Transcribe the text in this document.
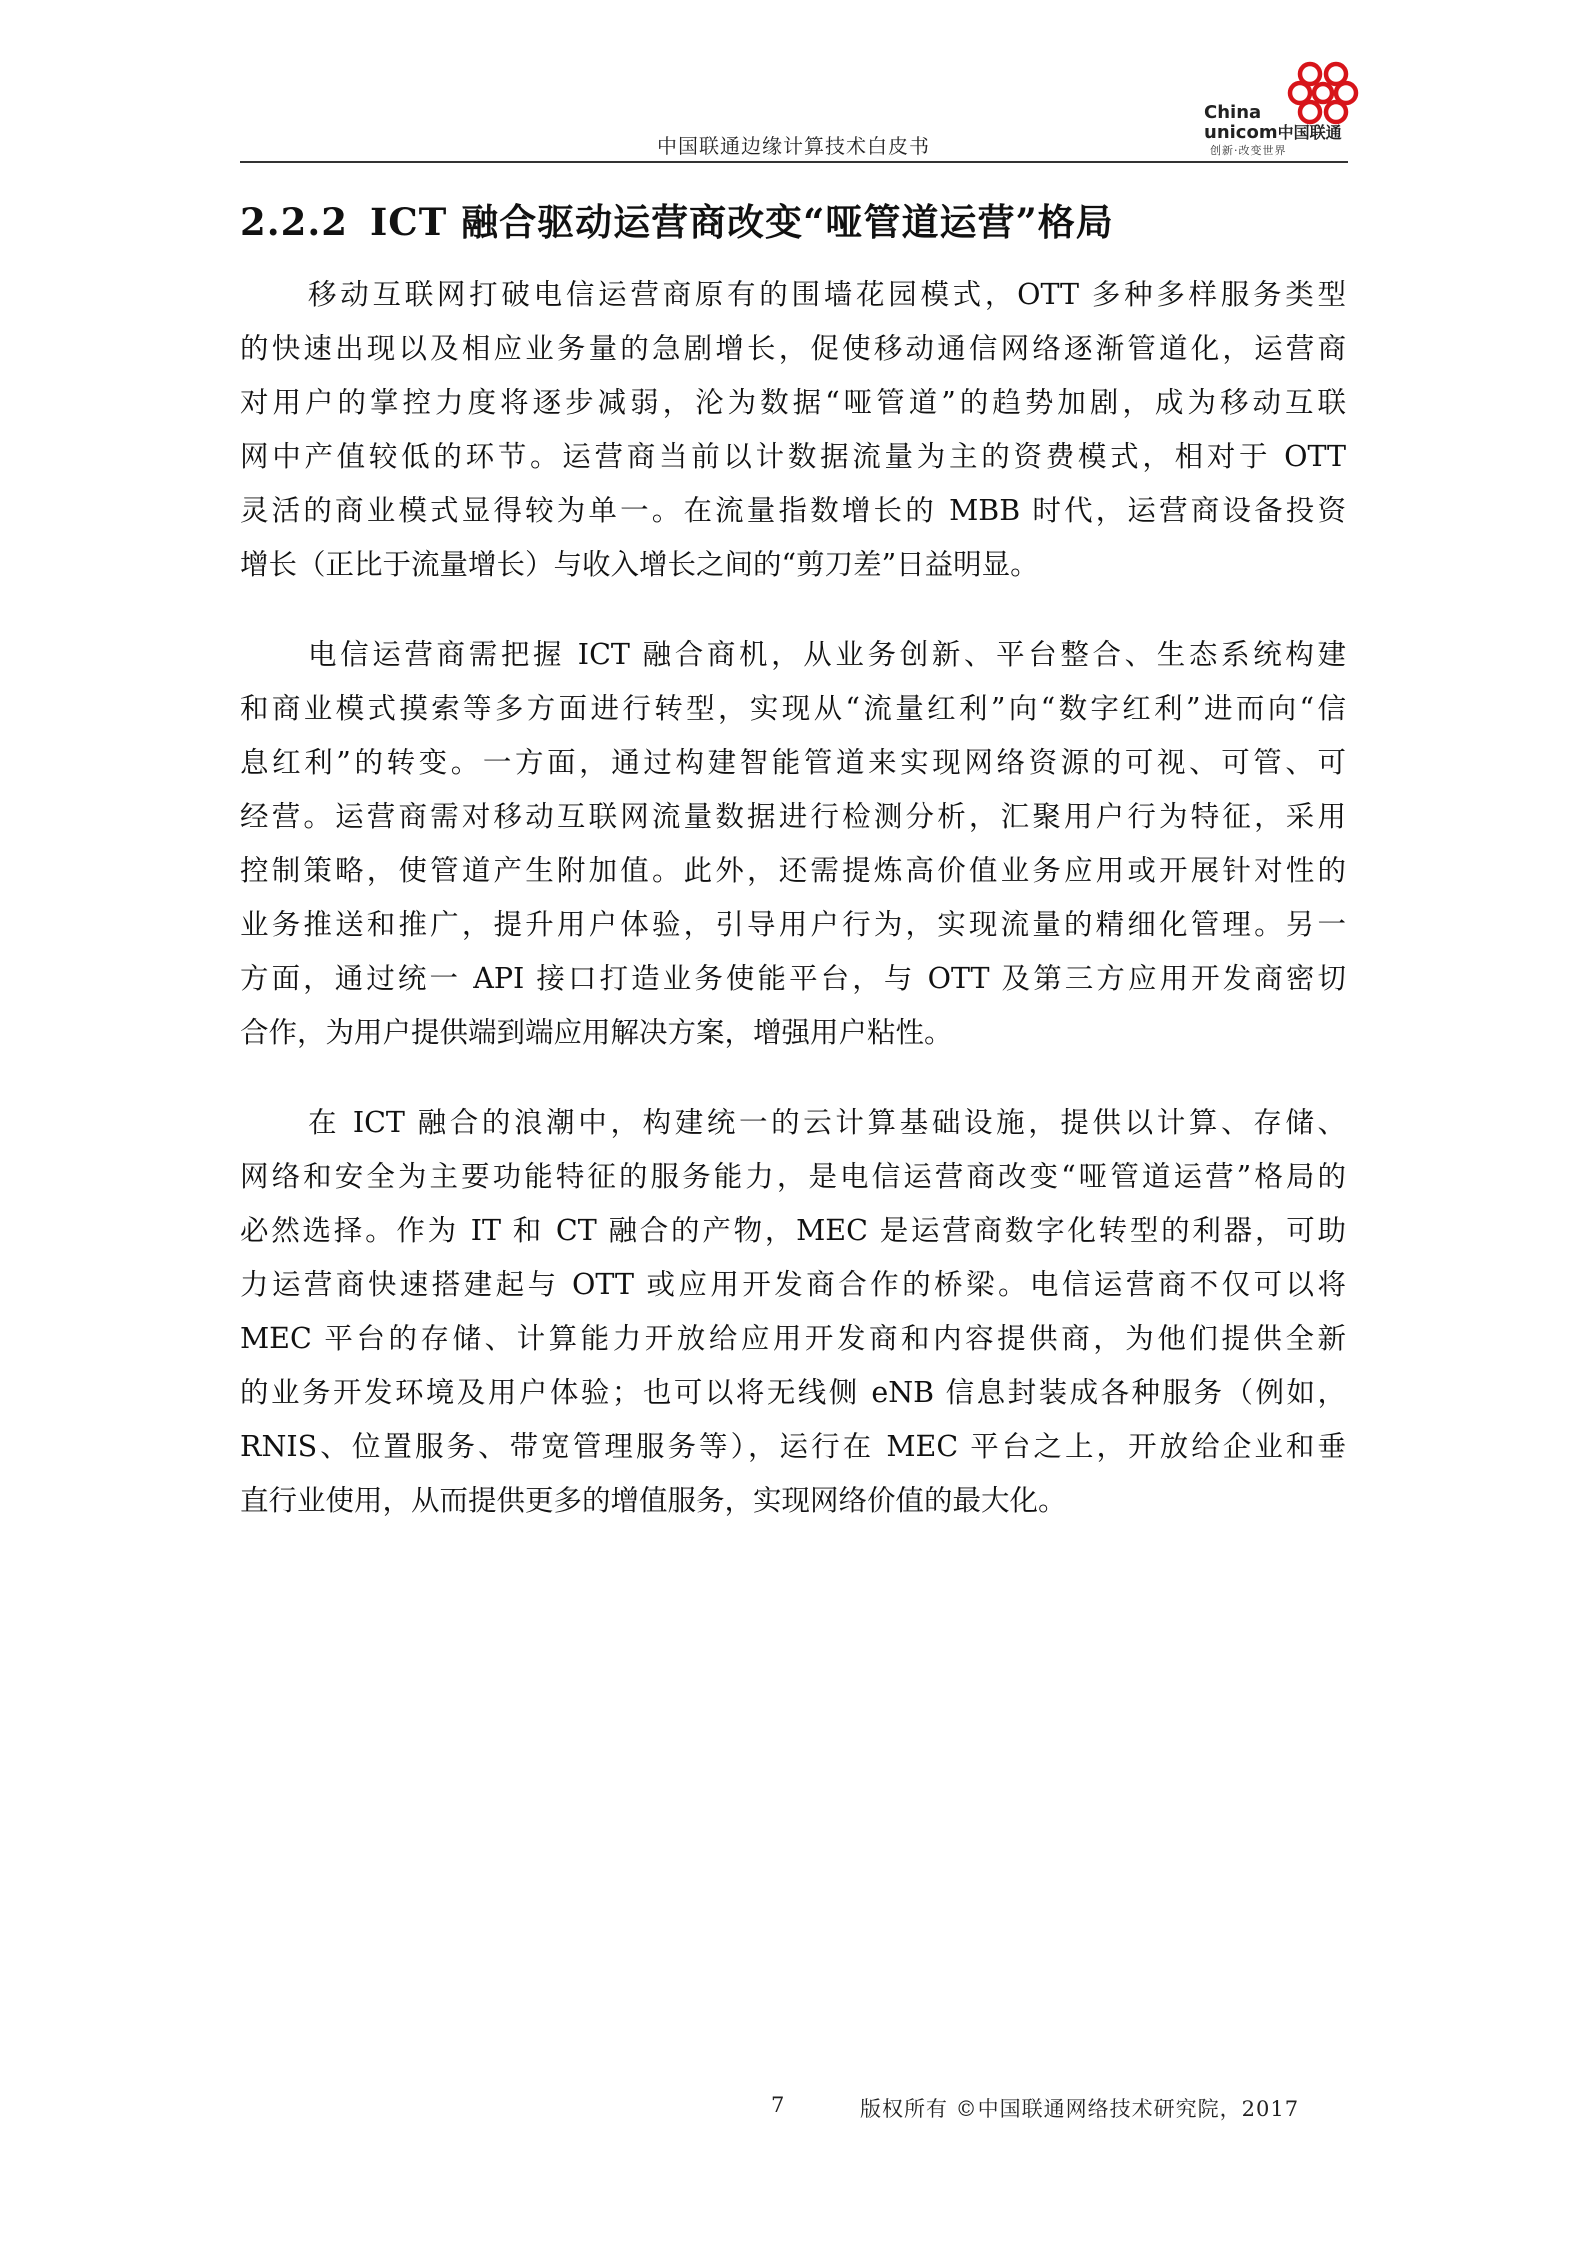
中国联通边缘计算技术白皮书
China
unicom中国联通
创新·改变世界
2.2.2 ICT 融合驱动运营商改变“哑管道运营”格局
移动互联网打破电信运营商原有的围墙花园模式，OTT 多种多样服务类型
的快速出现以及相应业务量的急剧增长，促使移动通信网络逐渐管道化，运营商
对用户的掌控力度将逐步减弱，沦为数据“哑管道”的趋势加剧，成为移动互联
网中产值较低的环节。运营商当前以计数据流量为主的资费模式，相对于 OTT
灵活的商业模式显得较为单一。在流量指数增长的 MBB 时代，运营商设备投资
增长（正比于流量增长）与收入增长之间的“剪刀差”日益明显。
电信运营商需把握 ICT 融合商机，从业务创新、平台整合、生态系统构建
和商业模式摸索等多方面进行转型，实现从“流量红利”向“数字红利”进而向“信
息红利”的转变。一方面，通过构建智能管道来实现网络资源的可视、可管、可
经营。运营商需对移动互联网流量数据进行检测分析，汇聚用户行为特征，采用
控制策略，使管道产生附加值。此外，还需提炼高价值业务应用或开展针对性的
业务推送和推广，提升用户体验，引导用户行为，实现流量的精细化管理。另一
方面，通过统一 API 接口打造业务使能平台，与 OTT 及第三方应用开发商密切
合作，为用户提供端到端应用解决方案，增强用户粘性。
在 ICT 融合的浪潮中，构建统一的云计算基础设施，提供以计算、存储、
网络和安全为主要功能特征的服务能力，是电信运营商改变“哑管道运营”格局的
必然选择。作为 IT 和 CT 融合的产物，MEC 是运营商数字化转型的利器，可助
力运营商快速搭建起与 OTT 或应用开发商合作的桥梁。电信运营商不仅可以将
MEC 平台的存储、计算能力开放给应用开发商和内容提供商，为他们提供全新
的业务开发环境及用户体验；也可以将无线侧 eNB 信息封装成各种服务（例如，
RNIS、位置服务、带宽管理服务等），运行在 MEC 平台之上，开放给企业和垂
直行业使用，从而提供更多的增值服务，实现网络价值的最大化。
7	版权所有 ©中国联通网络技术研究院，2017
